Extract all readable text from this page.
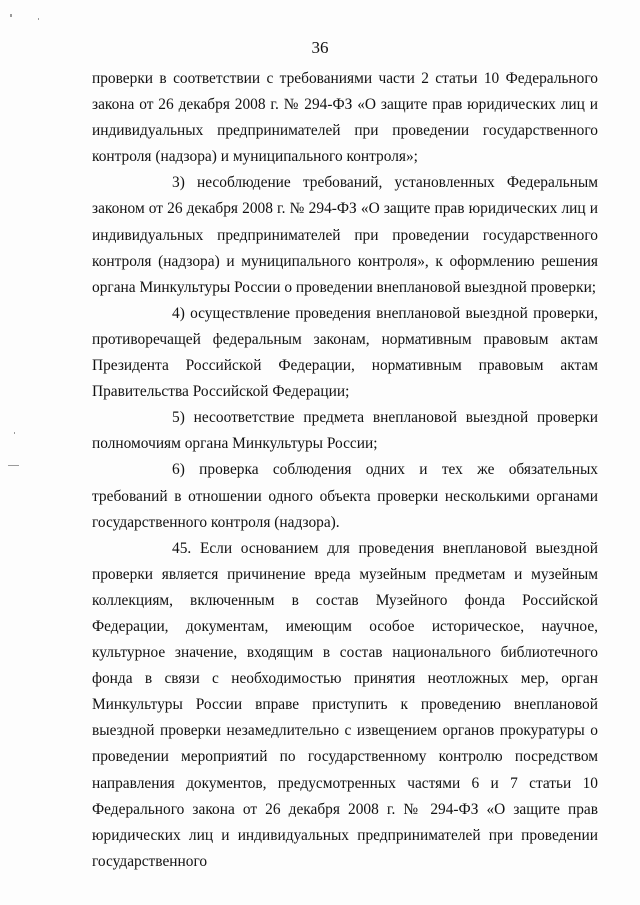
36

проверки в соответствии с требованиями части 2 статьи 10 Федерального закона от 26 декабря 2008 г. № 294-ФЗ «О защите прав юридических лиц и индивидуальных предпринимателей при проведении государственного контроля (надзора) и муниципального контроля»;

3) несоблюдение требований, установленных Федеральным законом от 26 декабря 2008 г. № 294-ФЗ «О защите прав юридических лиц и индивидуальных предпринимателей при проведении государственного контроля (надзора) и муниципального контроля», к оформлению решения органа Минкультуры России о проведении внеплановой выездной проверки;

4) осуществление проведения внеплановой выездной проверки, противоречащей федеральным законам, нормативным правовым актам Президента Российской Федерации, нормативным правовым актам Правительства Российской Федерации;

5) несоответствие предмета внеплановой выездной проверки полномочиям органа Минкультуры России;

6) проверка соблюдения одних и тех же обязательных требований в отношении одного объекта проверки несколькими органами государственного контроля (надзора).

45. Если основанием для проведения внеплановой выездной проверки является причинение вреда музейным предметам и музейным коллекциям, включенным в состав Музейного фонда Российской Федерации, документам, имеющим особое историческое, научное, культурное значение, входящим в состав национального библиотечного фонда в связи с необходимостью принятия неотложных мер, орган Минкультуры России вправе приступить к проведению внеплановой выездной проверки незамедлительно с извещением органов прокуратуры о проведении мероприятий по государственному контролю посредством направления документов, предусмотренных частями 6 и 7 статьи 10 Федерального закона от 26 декабря 2008 г. № 294-ФЗ «О защите прав юридических лиц и индивидуальных предпринимателей при проведении государственного
